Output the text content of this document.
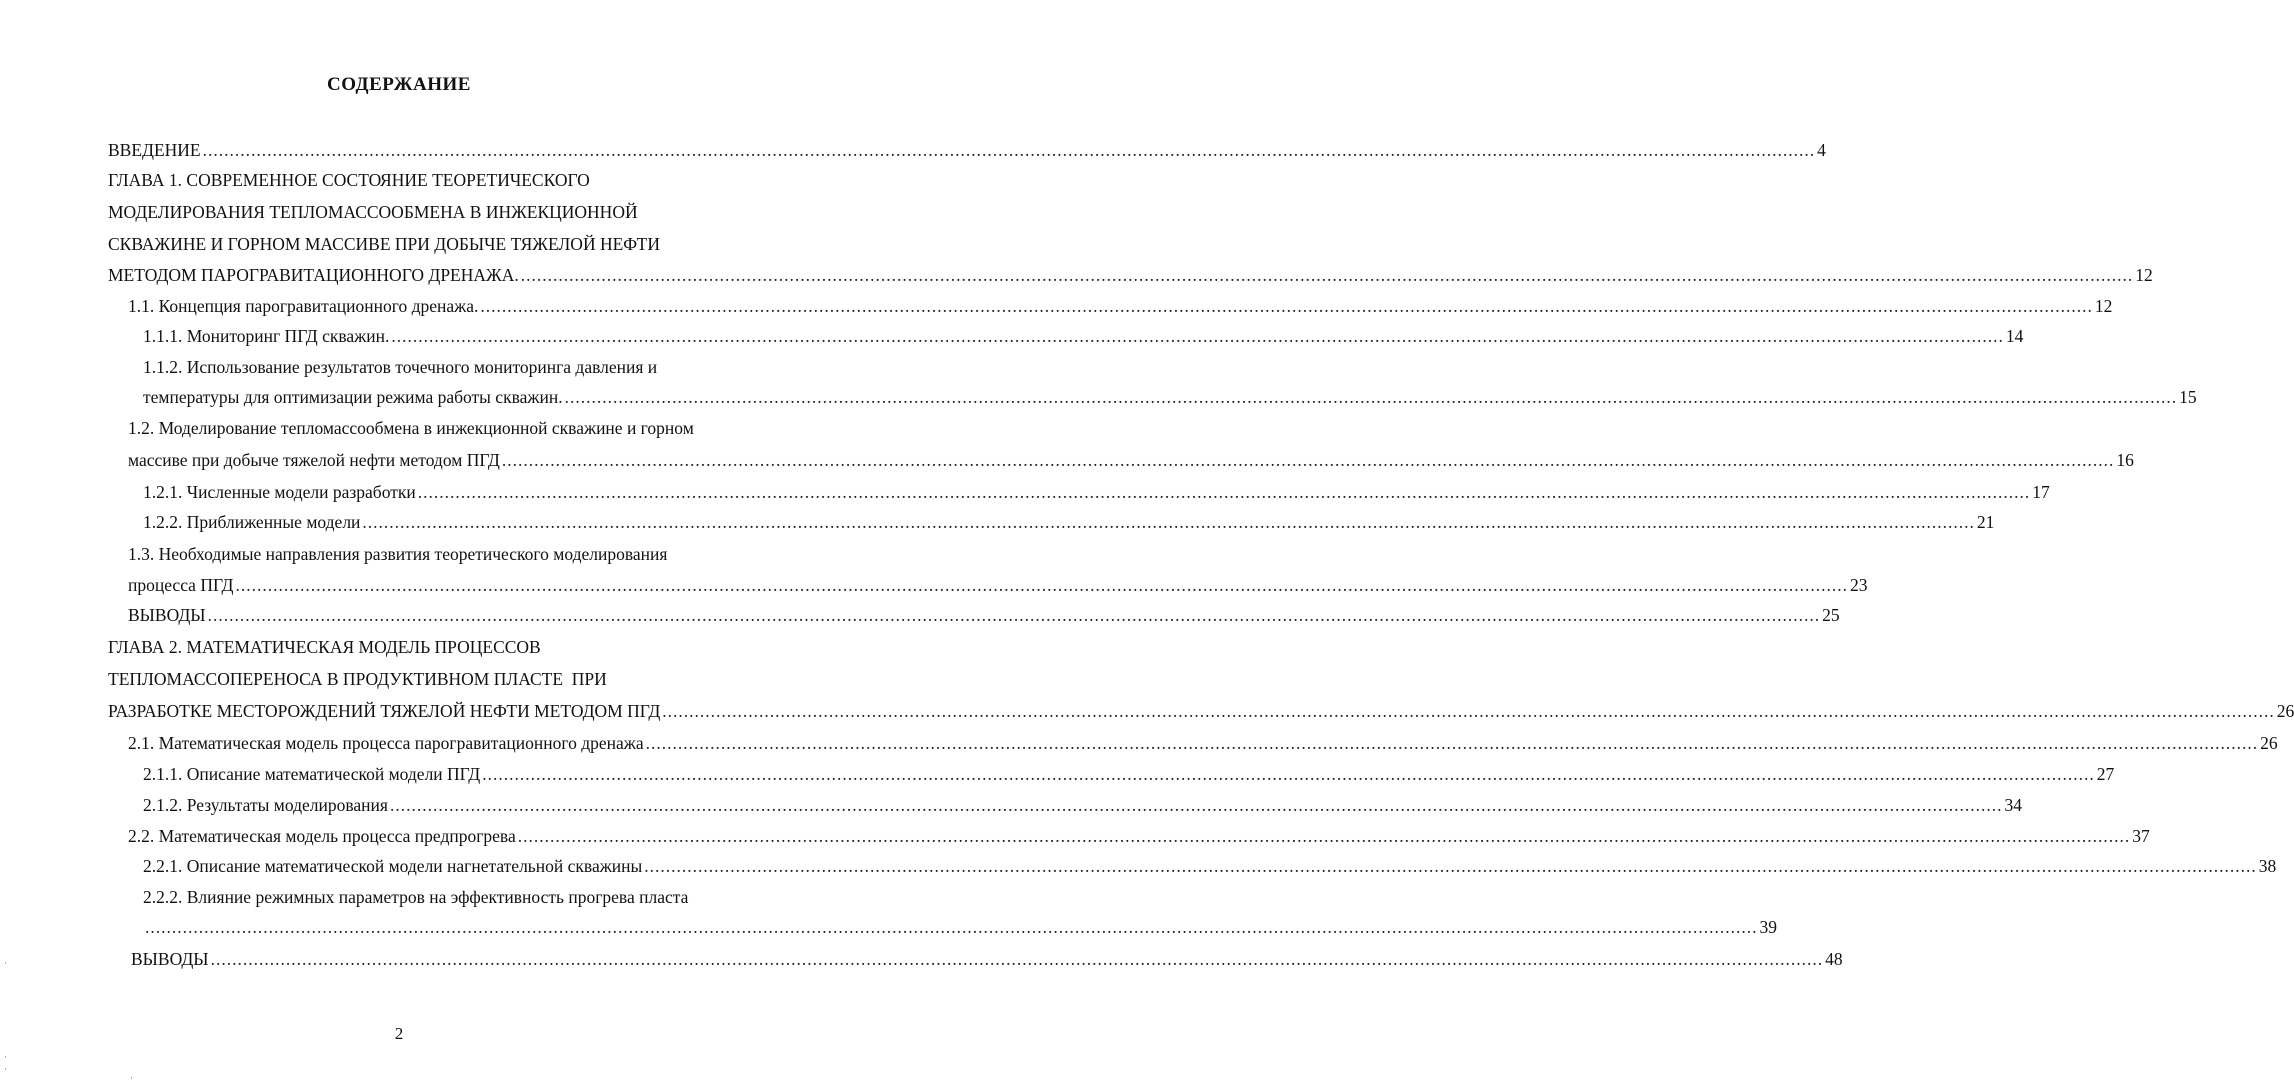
СОДЕРЖАНИЕ
ВВЕДЕНИЕ ............................................................................................................................................................................................................................................................................................................ 4
ГЛАВА 1. СОВРЕМЕННОЕ СОСТОЯНИЕ ТЕОРЕТИЧЕСКОГО
МОДЕЛИРОВАНИЯ ТЕПЛОМАССООБМЕНА В ИНЖЕКЦИОННОЙ
СКВАЖИНЕ И ГОРНОМ МАССИВЕ ПРИ ДОБЫЧЕ ТЯЖЕЛОЙ НЕФТИ
МЕТОДОМ ПАРОГРАВИТАЦИОННОГО ДРЕНАЖА. ............................................................................................................................................................................................................................................................................................................ 12
1.1. Концепция парогравитационного дренажа. ............................................................................................................................................................................................................................................................................................................ 12
1.1.1. Мониторинг ПГД скважин. ............................................................................................................................................................................................................................................................................................................ 14
1.1.2. Использование результатов точечного мониторинга давления и
температуры для оптимизации режима работы скважин. ............................................................................................................................................................................................................................................................................................................ 15
1.2. Моделирование тепломассообмена в инжекционной скважине и горном
массиве при добыче тяжелой нефти методом ПГД ............................................................................................................................................................................................................................................................................................................ 16
1.2.1. Численные модели разработки ............................................................................................................................................................................................................................................................................................................ 17
1.2.2. Приближенные модели ............................................................................................................................................................................................................................................................................................................ 21
1.3. Необходимые направления развития теоретического моделирования
процесса ПГД ............................................................................................................................................................................................................................................................................................................ 23
ВЫВОДЫ ............................................................................................................................................................................................................................................................................................................ 25
ГЛАВА 2. МАТЕМАТИЧЕСКАЯ МОДЕЛЬ ПРОЦЕССОВ
ТЕПЛОМАССОПЕРЕНОСА В ПРОДУКТИВНОМ ПЛАСТЕ  ПРИ
РАЗРАБОТКЕ МЕСТОРОЖДЕНИЙ ТЯЖЕЛОЙ НЕФТИ МЕТОДОМ ПГД ............................................................................................................................................................................................................................................................................................................ 26
2.1. Математическая модель процесса парогравитационного дренажа ............................................................................................................................................................................................................................................................................................................ 26
2.1.1. Описание математической модели ПГД ............................................................................................................................................................................................................................................................................................................ 27
2.1.2. Результаты моделирования ............................................................................................................................................................................................................................................................................................................ 34
2.2. Математическая модель процесса предпрогрева ............................................................................................................................................................................................................................................................................................................ 37
2.2.1. Описание математической модели нагнетательной скважины ............................................................................................................................................................................................................................................................................................................ 38
2.2.2. Влияние режимных параметров на эффективность прогрева пласта
............................................................................................................................................................................................................................................................................................................ 39
ВЫВОДЫ ............................................................................................................................................................................................................................................................................................................ 48
2
·
·
·
·
